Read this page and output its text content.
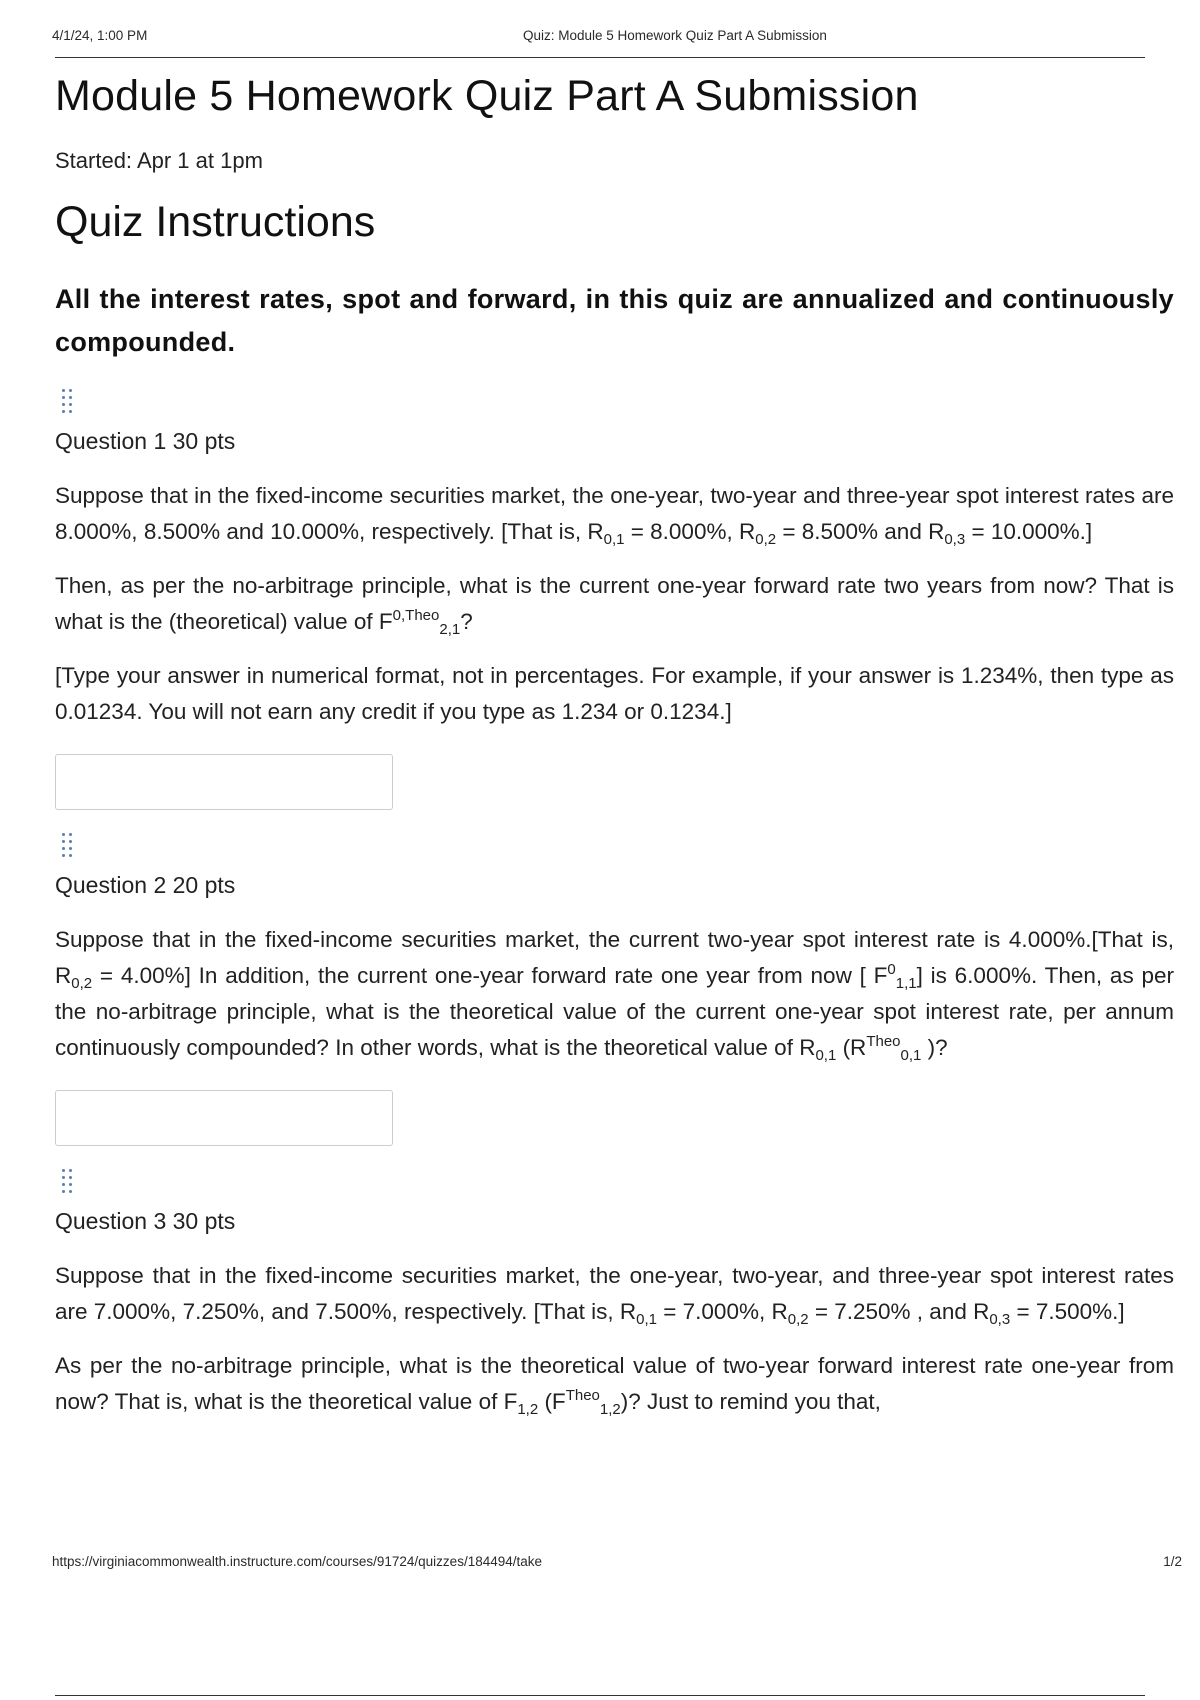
4/1/24, 1:00 PM	Quiz: Module 5 Homework Quiz Part A Submission
Module 5 Homework Quiz Part A Submission
Started: Apr 1 at 1pm
Quiz Instructions
All the interest rates, spot and forward, in this quiz are annualized and continuously compounded.
Question 1 30 pts

Suppose that in the fixed-income securities market, the one-year, two-year and three-year spot interest rates are 8.000%, 8.500% and 10.000%, respectively. [That is, $R_{0,1} = 8.000\%$, $R_{0,2} = 8.500\%$ and $R_{0,3} = 10.000\%$.]

Then, as per the no-arbitrage principle, what is the current one-year forward rate two years from now? That is what is the (theoretical) value of $F^{0,Theo}_{2,1}$?

[Type your answer in numerical format, not in percentages. For example, if your answer is 1.234%, then type as 0.01234. You will not earn any credit if you type as 1.234 or 0.1234.]

Question 2 20 pts

Suppose that in the fixed-income securities market, the current two-year spot interest rate is 4.000%.[That is, $R_{0,2} = 4.00\%$] In addition, the current one-year forward rate one year from now [ $F^0_{1,1}$] is 6.000%. Then, as per the no-arbitrage principle, what is the theoretical value of the current one-year spot interest rate, per annum continuously compounded? In other words, what is the theoretical value of $R_{0,1}$ ($R^{Theo}_{0,1}$ )?

Question 3 30 pts

Suppose that in the fixed-income securities market, the one-year, two-year, and three-year spot interest rates are 7.000%, 7.250%, and 7.500%, respectively. [That is, $R_{0,1} = 7.000\%$, $R_{0,2} = 7.250\%$ , and $R_{0,3} = 7.500\%$.]

As per the no-arbitrage principle, what is the theoretical value of two-year forward interest rate one-year from now? That is, what is the theoretical value of $F_{1,2}$ $(F^{Theo}_{1,2})$? Just to remind you that,

https://virginiacommonwealth.instructure.com/courses/91724/quizzes/184494/take	1/2
